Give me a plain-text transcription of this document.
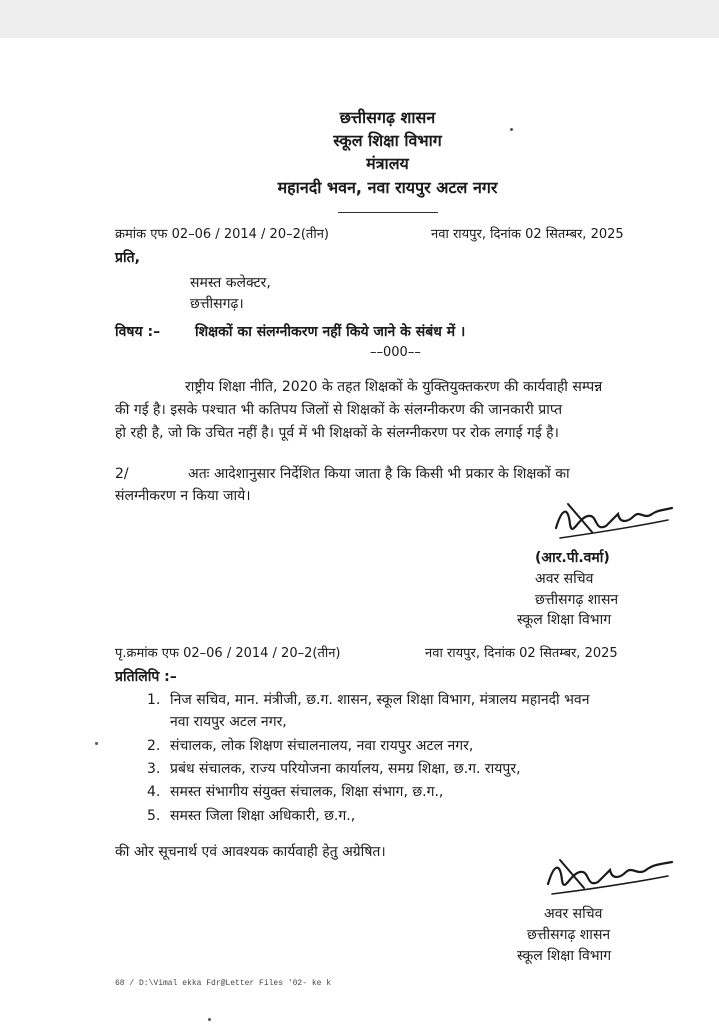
छत्तीसगढ़ शासन
स्कूल शिक्षा विभाग
मंत्रालय
महानदी भवन, नवा रायपुर अटल नगर
क्रमांक एफ 02–06 / 2014 / 20–2(तीन)	नवा रायपुर, दिनांक 02 सितम्बर, 2025
प्रति,
समस्त कलेक्टर,
छत्तीसगढ़।
विषय :– शिक्षकों का संलग्नीकरण नहीं किये जाने के संबंध में ।
––000––
राष्ट्रीय शिक्षा नीति, 2020 के तहत शिक्षकों के युक्तियुक्तकरण की कार्यवाही सम्पन्न
की गई है। इसके पश्चात भी कतिपय जिलों से शिक्षकों के संलग्नीकरण की जानकारी प्राप्त
हो रही है, जो कि उचित नहीं है। पूर्व में भी शिक्षकों के संलग्नीकरण पर रोक लगाई गई है।
2/	अतः आदेशानुसार निर्देशित किया जाता है कि किसी भी प्रकार के शिक्षकों का
संलग्नीकरण न किया जाये।
(आर.पी.वर्मा)
अवर सचिव
छत्तीसगढ़ शासन
स्कूल शिक्षा विभाग
पृ.क्रमांक एफ 02–06 / 2014 / 20–2(तीन)	नवा रायपुर, दिनांक 02 सितम्बर, 2025
प्रतिलिपि :–
1. निज सचिव, मान. मंत्रीजी, छ.ग. शासन, स्कूल शिक्षा विभाग, मंत्रालय महानदी भवन
नवा रायपुर अटल नगर,
2. संचालक, लोक शिक्षण संचालनालय, नवा रायपुर अटल नगर,
3. प्रबंध संचालक, राज्य परियोजना कार्यालय, समग्र शिक्षा, छ.ग. रायपुर,
4. समस्त संभागीय संयुक्त संचालक, शिक्षा संभाग, छ.ग.,
5. समस्त जिला शिक्षा अधिकारी, छ.ग.,
की ओर सूचनार्थ एवं आवश्यक कार्यवाही हेतु अग्रेषित।
अवर सचिव
छत्तीसगढ़ शासन
स्कूल शिक्षा विभाग
68 / D:\Vimal ekka Fdr@Letter Files '02- ke k
